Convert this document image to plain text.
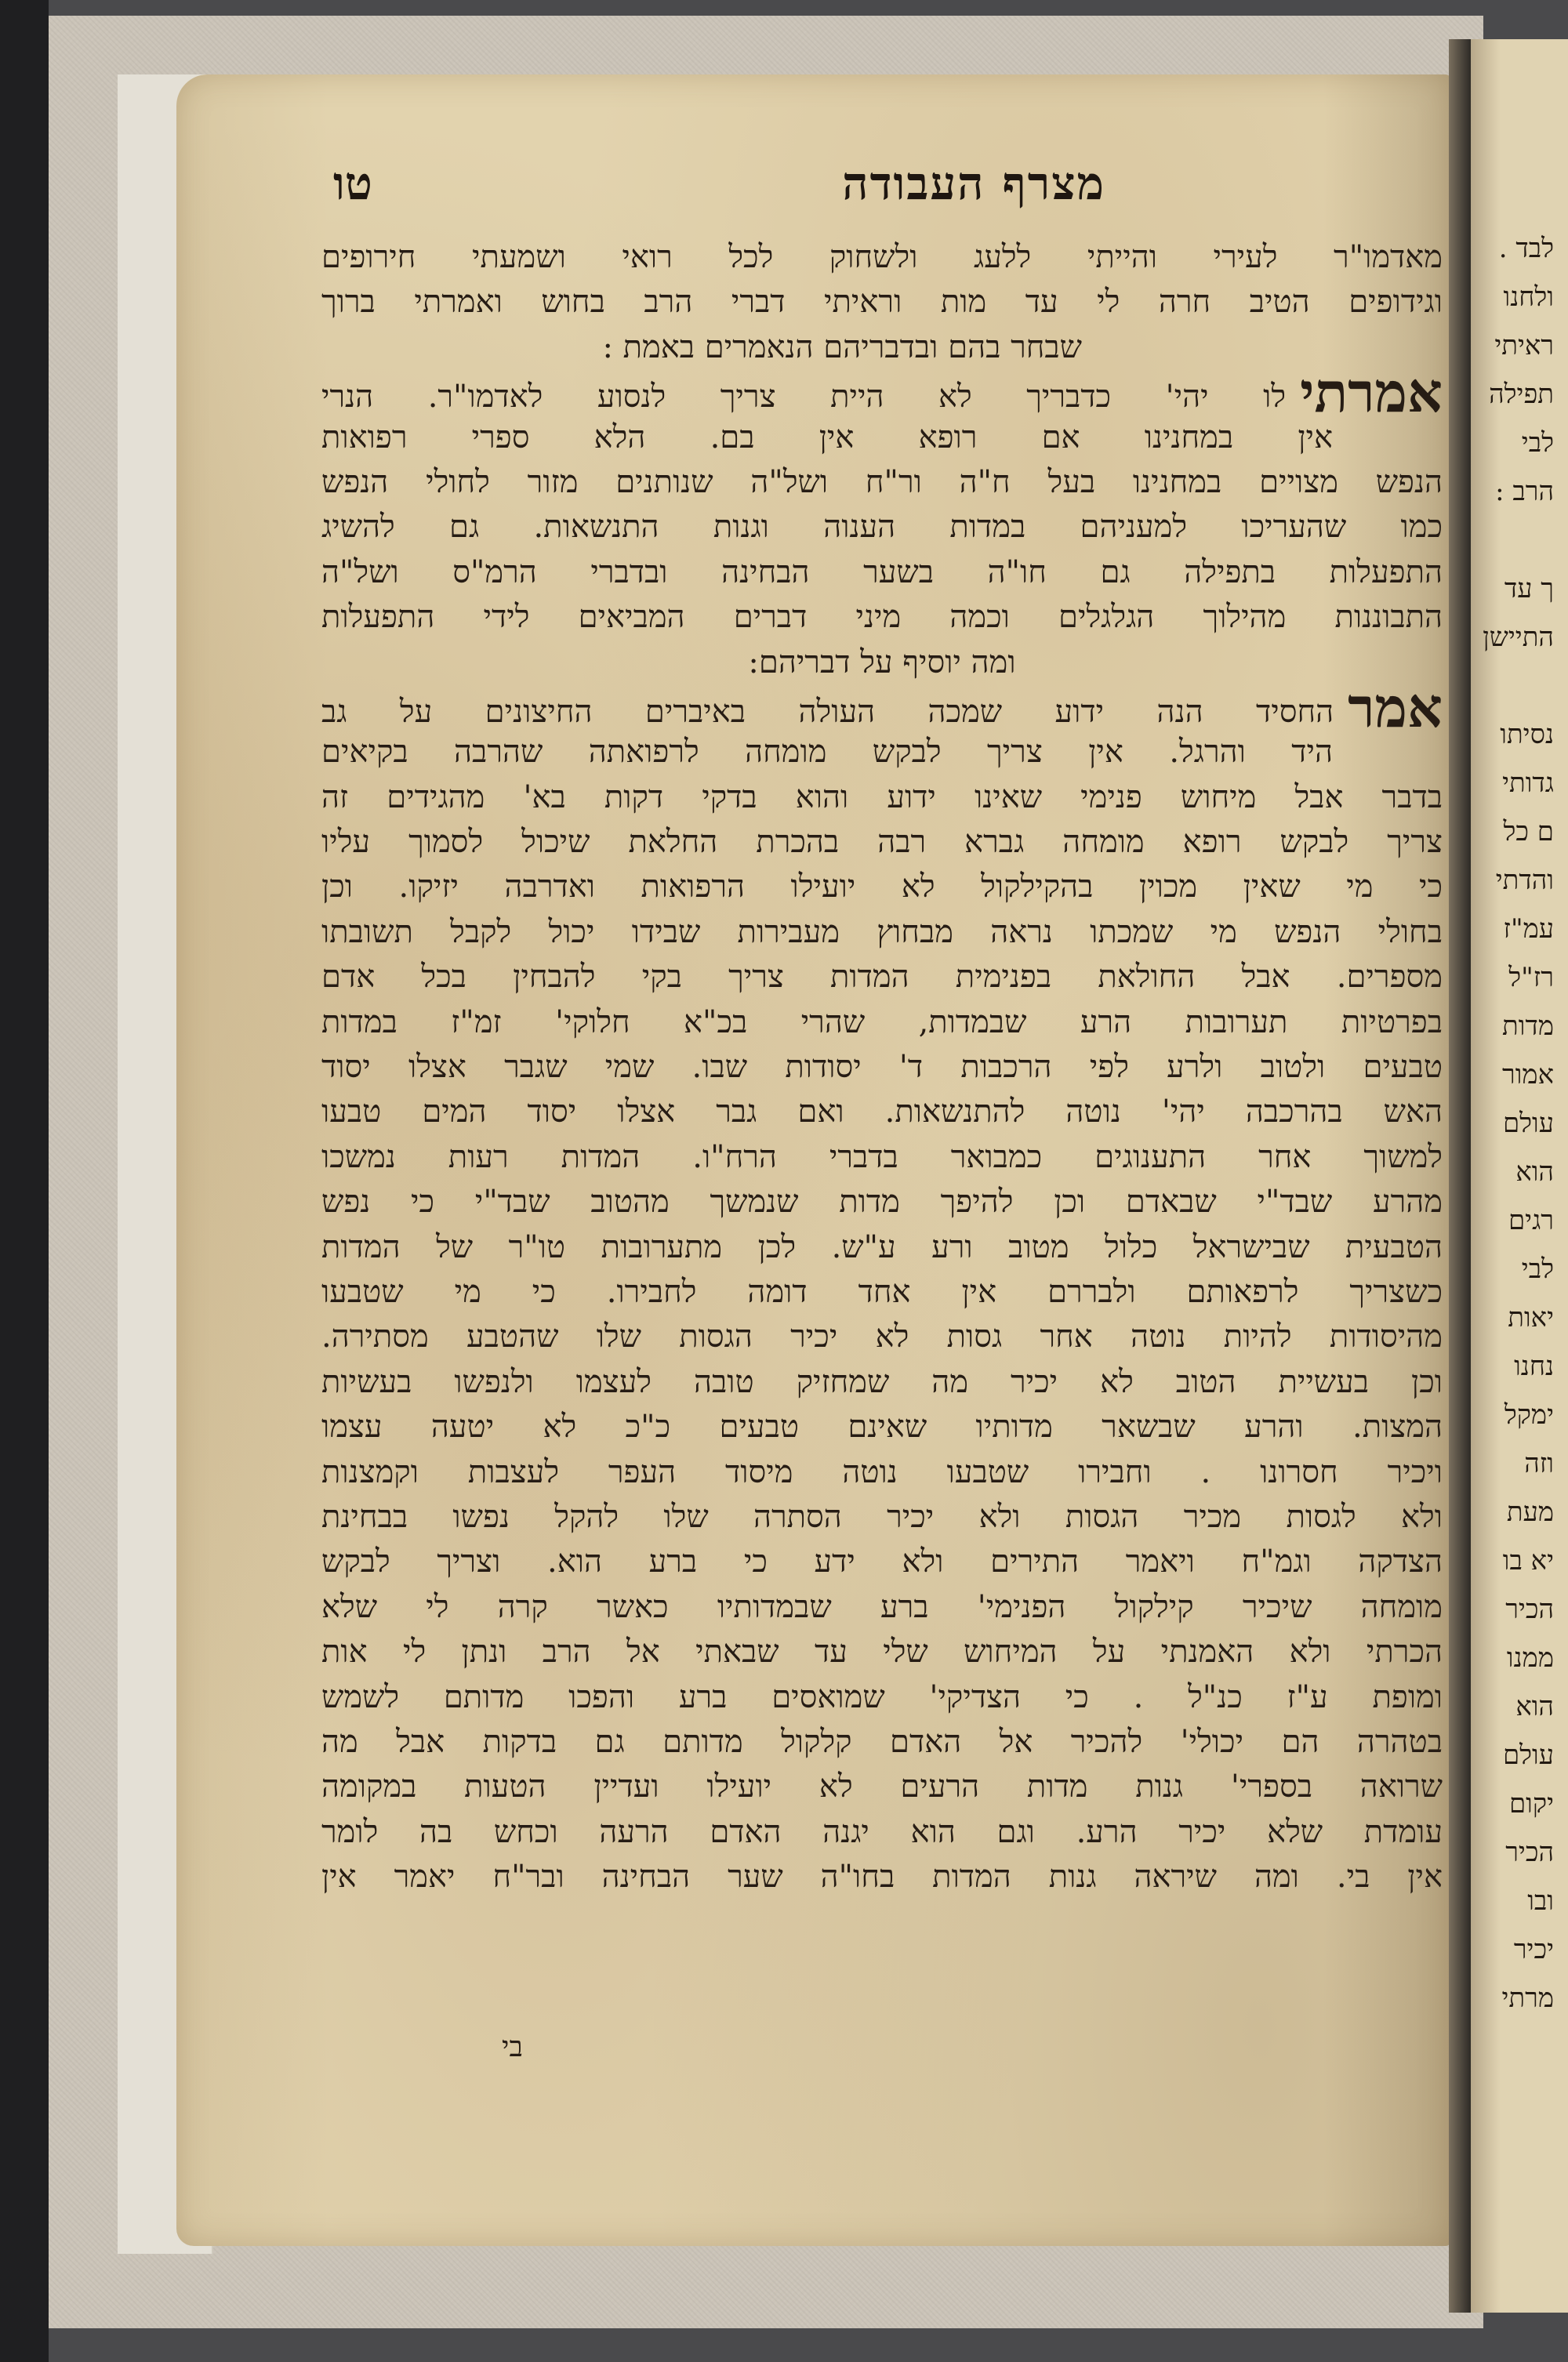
לבד .
ולחנו
ראיתי
תפילה
לבי
הרב :
ך עד
התיישן
נסיתו
גדותי
ם כל
והדתי
עמ"ז
רז"ל
מדות
אמור
עולם
הוא
רגים
לבי
יאות
נחנו
ימקל
וזה
מעת
יא בו
הכיר
ממנו
הוא
עולם
יקום
הכיר
ובו
יכיר
מרתי
מצרף העבודה
טו
מאדמו"ר לעירי והייתי ללעג ולשחוק לכל רואי ושמעתי חירופים
וגידופים הטיב חרה לי עד מות וראיתי דברי הרב בחוש ואמרתי ברוך
שבחר בהם ובדבריהם הנאמרים באמת :
אמרתילו יהי' כדבריך לא היית צריך לנסוע לאדמו"ר. הנרי
אין במחנינו אם רופא אין בם. הלא ספרי רפואות
הנפש מצויים במחנינו בעל ח"ה ור"ח ושל"ה שנותנים מזור לחולי הנפש
כמו שהעריכו למעניהם במדות הענוה וגנות התנשאות. גם להשיג
התפעלות בתפילה גם חו"ה בשער הבחינה ובדברי הרמ"ס ושל"ה
התבוננות מהילוך הגלגלים וכמה מיני דברים המביאים לידי התפעלות
ומה יוסיף על דבריהם:
אמרהחסיד הנה ידוע שמכה העולה באיברים החיצונים על גב
היד והרגל. אין צריך לבקש מומחה לרפואתה שהרבה בקיאים
בדבר אבל מיחוש פנימי שאינו ידוע והוא בדקי דקות בא' מהגידים זה
צריך לבקש רופא מומחה גברא רבה בהכרת החלאת שיכול לסמוך עליו
כי מי שאין מכוין בהקילקול לא יועילו הרפואות ואדרבה יזיקו. וכן
בחולי הנפש מי שמכתו נראה מבחוץ מעבירות שבידו יכול לקבל תשובתו
מספרים. אבל החולאת בפנימית המדות צריך בקי להבחין בכל אדם
בפרטיות תערובות הרע שבמדות, שהרי בכ"א חלוקי' זמ"ז במדות
טבעים ולטוב ולרע לפי הרכבות ד' יסודות שבו. שמי שגבר אצלו יסוד
האש בהרכבה יהי' נוטה להתנשאות. ואם גבר אצלו יסוד המים טבעו
למשוך אחר התענוגים כמבואר בדברי הרח"ו. המדות רעות נמשכו
מהרע שבד"י שבאדם וכן להיפך מדות שנמשך מהטוב שבד"י כי נפש
הטבעית שבישראל כלול מטוב ורע ע"ש. לכן מתערובות טו"ר של המדות
כשצריך לרפאותם ולבררם אין אחד דומה לחבירו. כי מי שטבעו
מהיסודות להיות נוטה אחר גסות לא יכיר הגסות שלו שהטבע מסתירה.
וכן בעשיית הטוב לא יכיר מה שמחזיק טובה לעצמו ולנפשו בעשיות
המצות. והרע שבשאר מדותיו שאינם טבעים כ"כ לא יטעה עצמו
ויכיר חסרונו . וחבירו שטבעו נוטה מיסוד העפר לעצבות וקמצנות
ולא לגסות מכיר הגסות ולא יכיר הסתרה שלו להקל נפשו בבחינת
הצדקה וגמ"ח ויאמר התירים ולא ידע כי ברע הוא. וצריך לבקש
מומחה שיכיר קילקול הפנימי' ברע שבמדותיו כאשר קרה לי שלא
הכרתי ולא האמנתי על המיחוש שלי עד שבאתי אל הרב ונתן לי אות
ומופת ע"ז כנ"ל . כי הצדיקי' שמואסים ברע והפכו מדותם לשמש
בטהרה הם יכולי' להכיר אל האדם קלקול מדותם גם בדקות אבל מה
שרואה בספרי' גנות מדות הרעים לא יועילו ועדיין הטעות במקומה
עומדת שלא יכיר הרע. וגם הוא יגנה האדם הרעה וכחש בה לומר
אין בי. ומה שיראה גנות המדות בחו"ה שער הבחינה ובר"ח יאמר אין
בי
